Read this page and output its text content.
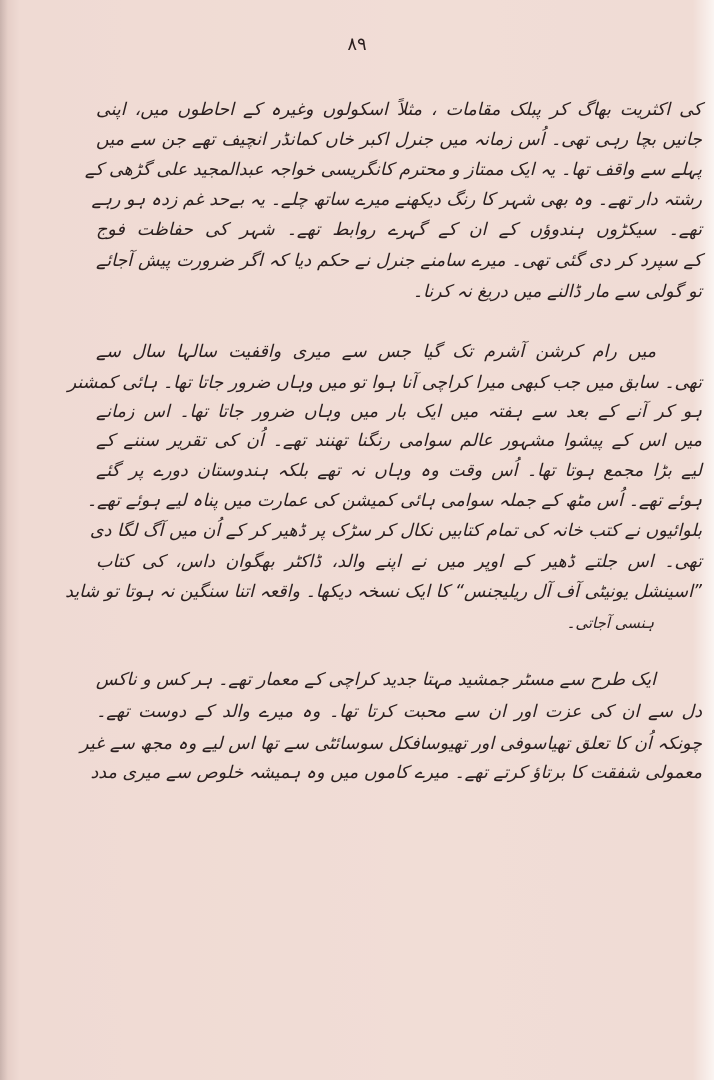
۸۹
کی اکثریت بھاگ کر پبلک مقامات ، مثلاً اسکولوں وغیرہ کے احاطوں میں، اپنی
جانیں بچا رہی تھی۔ اُس زمانہ میں جنرل اکبر خاں کمانڈر انچیف تھے جن سے میں
پہلے سے واقف تھا۔ یہ ایک ممتاز و محترم کانگریسی خواجہ عبدالمجید علی گڑھی کے
رشتہ دار تھے۔ وہ بھی شہر کا رنگ دیکھنے میرے ساتھ چلے۔ یہ بےحد غم زدہ ہو رہے
تھے۔ سیکڑوں ہندوؤں کے ان کے گہرے روابط تھے۔ شہر کی حفاظت فوج
کے سپرد کر دی گئی تھی۔ میرے سامنے جنرل نے حکم دیا کہ اگر ضرورت پیش آجائے
تو گولی سے مار ڈالنے میں دریغ نہ کرنا۔
میں رام کرشن آشرم تک گیا جس سے میری واقفیت سالہا سال سے
تھی۔ سابق میں جب کبھی میرا کراچی آنا ہوا تو میں وہاں ضرور جاتا تھا۔ ہائی کمشنر
ہو کر آنے کے بعد سے ہفتہ میں ایک بار میں وہاں ضرور جاتا تھا۔ اس زمانے
میں اس کے پیشوا مشہور عالم سوامی رنگنا تھنند تھے۔ اُن کی تقریر سننے کے
لیے بڑا مجمع ہوتا تھا۔ اُس وقت وہ وہاں نہ تھے بلکہ ہندوستان دورے پر گئے
ہوئے تھے۔ اُس مٹھ کے جملہ سوامی ہائی کمیشن کی عمارت میں پناہ لیے ہوئے تھے۔
بلوائیوں نے کتب خانہ کی تمام کتابیں نکال کر سڑک پر ڈھیر کر کے اُن میں آگ لگا دی
تھی۔ اس جلتے ڈھیر کے اوپر میں نے اپنے والد، ڈاکٹر بھگوان داس، کی کتاب
”اسینشل یونیٹی آف آل ریلیجنس“ کا ایک نسخہ دیکھا۔ واقعہ اتنا سنگین نہ ہوتا تو شاید
ہنسی آجاتی۔
ایک طرح سے مسٹر جمشید مہتا جدید کراچی کے معمار تھے۔ ہر کس و ناکس
دل سے ان کی عزت اور ان سے محبت کرتا تھا۔ وہ میرے والد کے دوست تھے۔
چونکہ اُن کا تعلق تھیاسوفی اور تھیوسافکل سوسائٹی سے تھا اس لیے وہ مجھ سے غیر
معمولی شفقت کا برتاؤ کرتے تھے۔ میرے کاموں میں وہ ہمیشہ خلوص سے میری مدد
